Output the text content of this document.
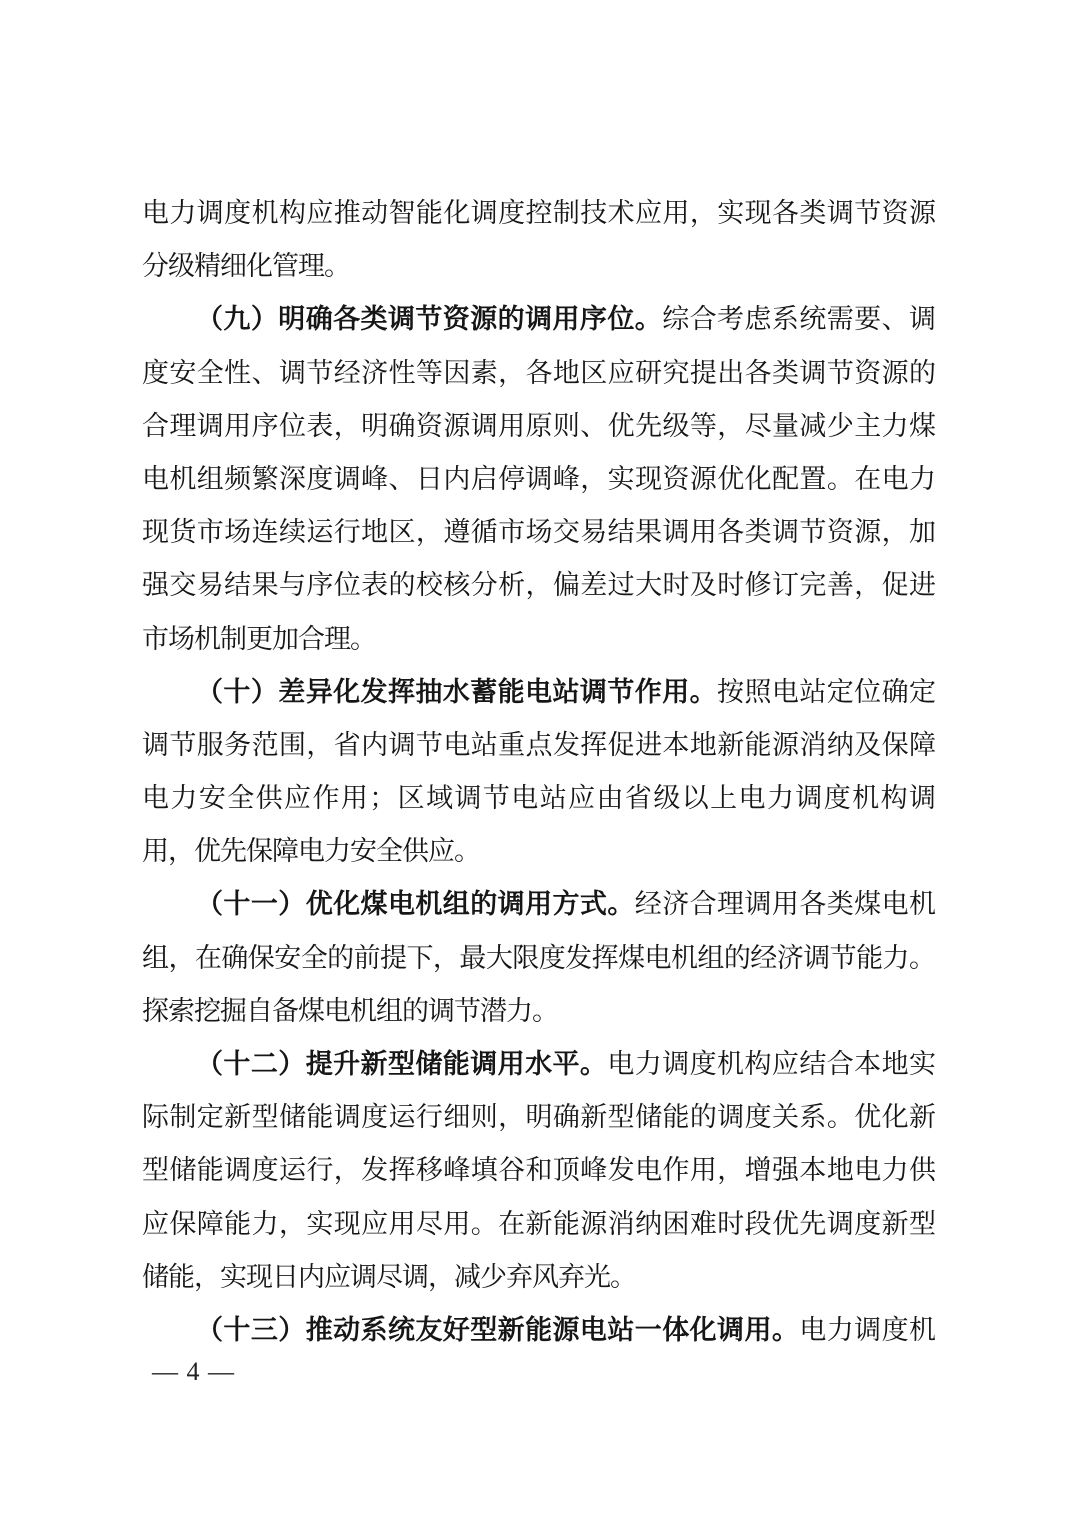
电力调度机构应推动智能化调度控制技术应用，实现各类调节资源
分级精细化管理。
（九）明确各类调节资源的调用序位。综合考虑系统需要、调
度安全性、调节经济性等因素，各地区应研究提出各类调节资源的
合理调用序位表，明确资源调用原则、优先级等，尽量减少主力煤
电机组频繁深度调峰、日内启停调峰，实现资源优化配置。在电力
现货市场连续运行地区，遵循市场交易结果调用各类调节资源，加
强交易结果与序位表的校核分析，偏差过大时及时修订完善，促进
市场机制更加合理。
（十）差异化发挥抽水蓄能电站调节作用。按照电站定位确定
调节服务范围，省内调节电站重点发挥促进本地新能源消纳及保障
电力安全供应作用；区域调节电站应由省级以上电力调度机构调
用，优先保障电力安全供应。
（十一）优化煤电机组的调用方式。经济合理调用各类煤电机
组，在确保安全的前提下，最大限度发挥煤电机组的经济调节能力。
探索挖掘自备煤电机组的调节潜力。
（十二）提升新型储能调用水平。电力调度机构应结合本地实
际制定新型储能调度运行细则，明确新型储能的调度关系。优化新
型储能调度运行，发挥移峰填谷和顶峰发电作用，增强本地电力供
应保障能力，实现应用尽用。在新能源消纳困难时段优先调度新型
储能，实现日内应调尽调，减少弃风弃光。
（十三）推动系统友好型新能源电站一体化调用。电力调度机
— 4 —
